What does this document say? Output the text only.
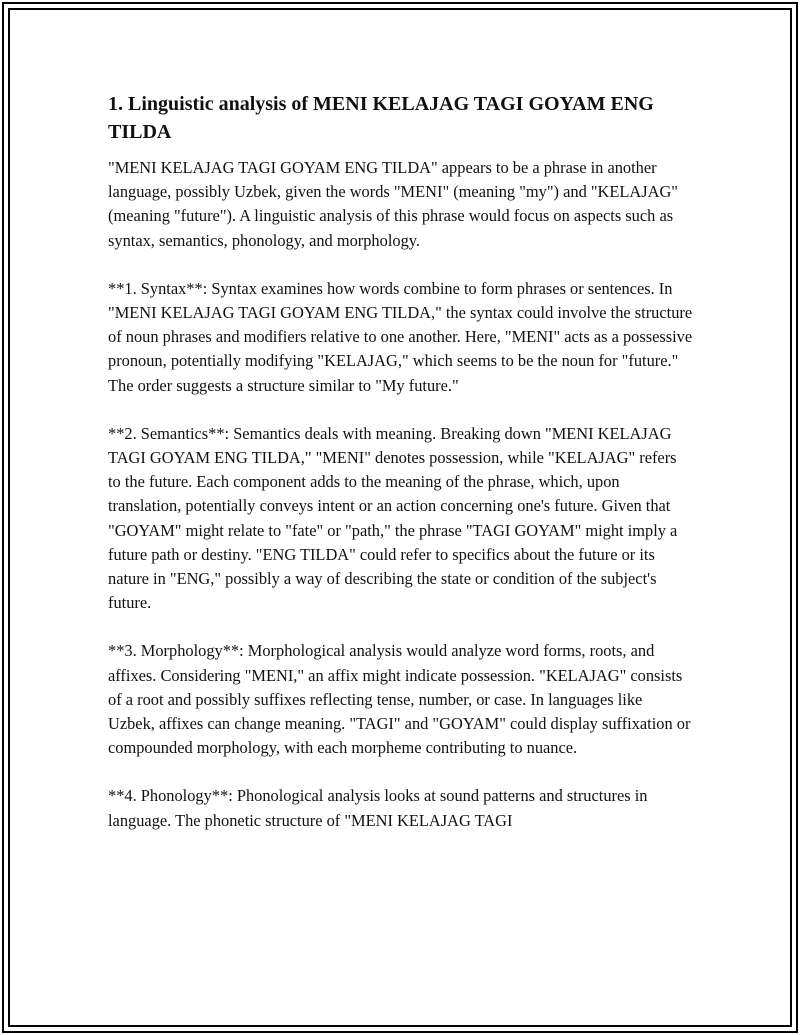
1. Linguistic analysis of MENI KELAJAG TAGI GOYAM ENG TILDA

"MENI KELAJAG TAGI GOYAM ENG TILDA" appears to be a phrase in another language, possibly Uzbek, given the words "MENI" (meaning "my") and "KELAJAG" (meaning "future"). A linguistic analysis of this phrase would focus on aspects such as syntax, semantics, phonology, and morphology.

**1. Syntax**: Syntax examines how words combine to form phrases or sentences. In "MENI KELAJAG TAGI GOYAM ENG TILDA," the syntax could involve the structure of noun phrases and modifiers relative to one another. Here, "MENI" acts as a possessive pronoun, potentially modifying "KELAJAG," which seems to be the noun for "future." The order suggests a structure similar to "My future."

**2. Semantics**: Semantics deals with meaning. Breaking down "MENI KELAJAG TAGI GOYAM ENG TILDA," "MENI" denotes possession, while "KELAJAG" refers to the future. Each component adds to the meaning of the phrase, which, upon translation, potentially conveys intent or an action concerning one's future. Given that "GOYAM" might relate to "fate" or "path," the phrase "TAGI GOYAM" might imply a future path or destiny. "ENG TILDA" could refer to specifics about the future or its nature in "ENG," possibly a way of describing the state or condition of the subject's future.

**3. Morphology**: Morphological analysis would analyze word forms, roots, and affixes. Considering "MENI," an affix might indicate possession. "KELAJAG" consists of a root and possibly suffixes reflecting tense, number, or case. In languages like Uzbek, affixes can change meaning. "TAGI" and "GOYAM" could display suffixation or compounded morphology, with each morpheme contributing to nuance.

**4. Phonology**: Phonological analysis looks at sound patterns and structures in language. The phonetic structure of "MENI KELAJAG TAGI
